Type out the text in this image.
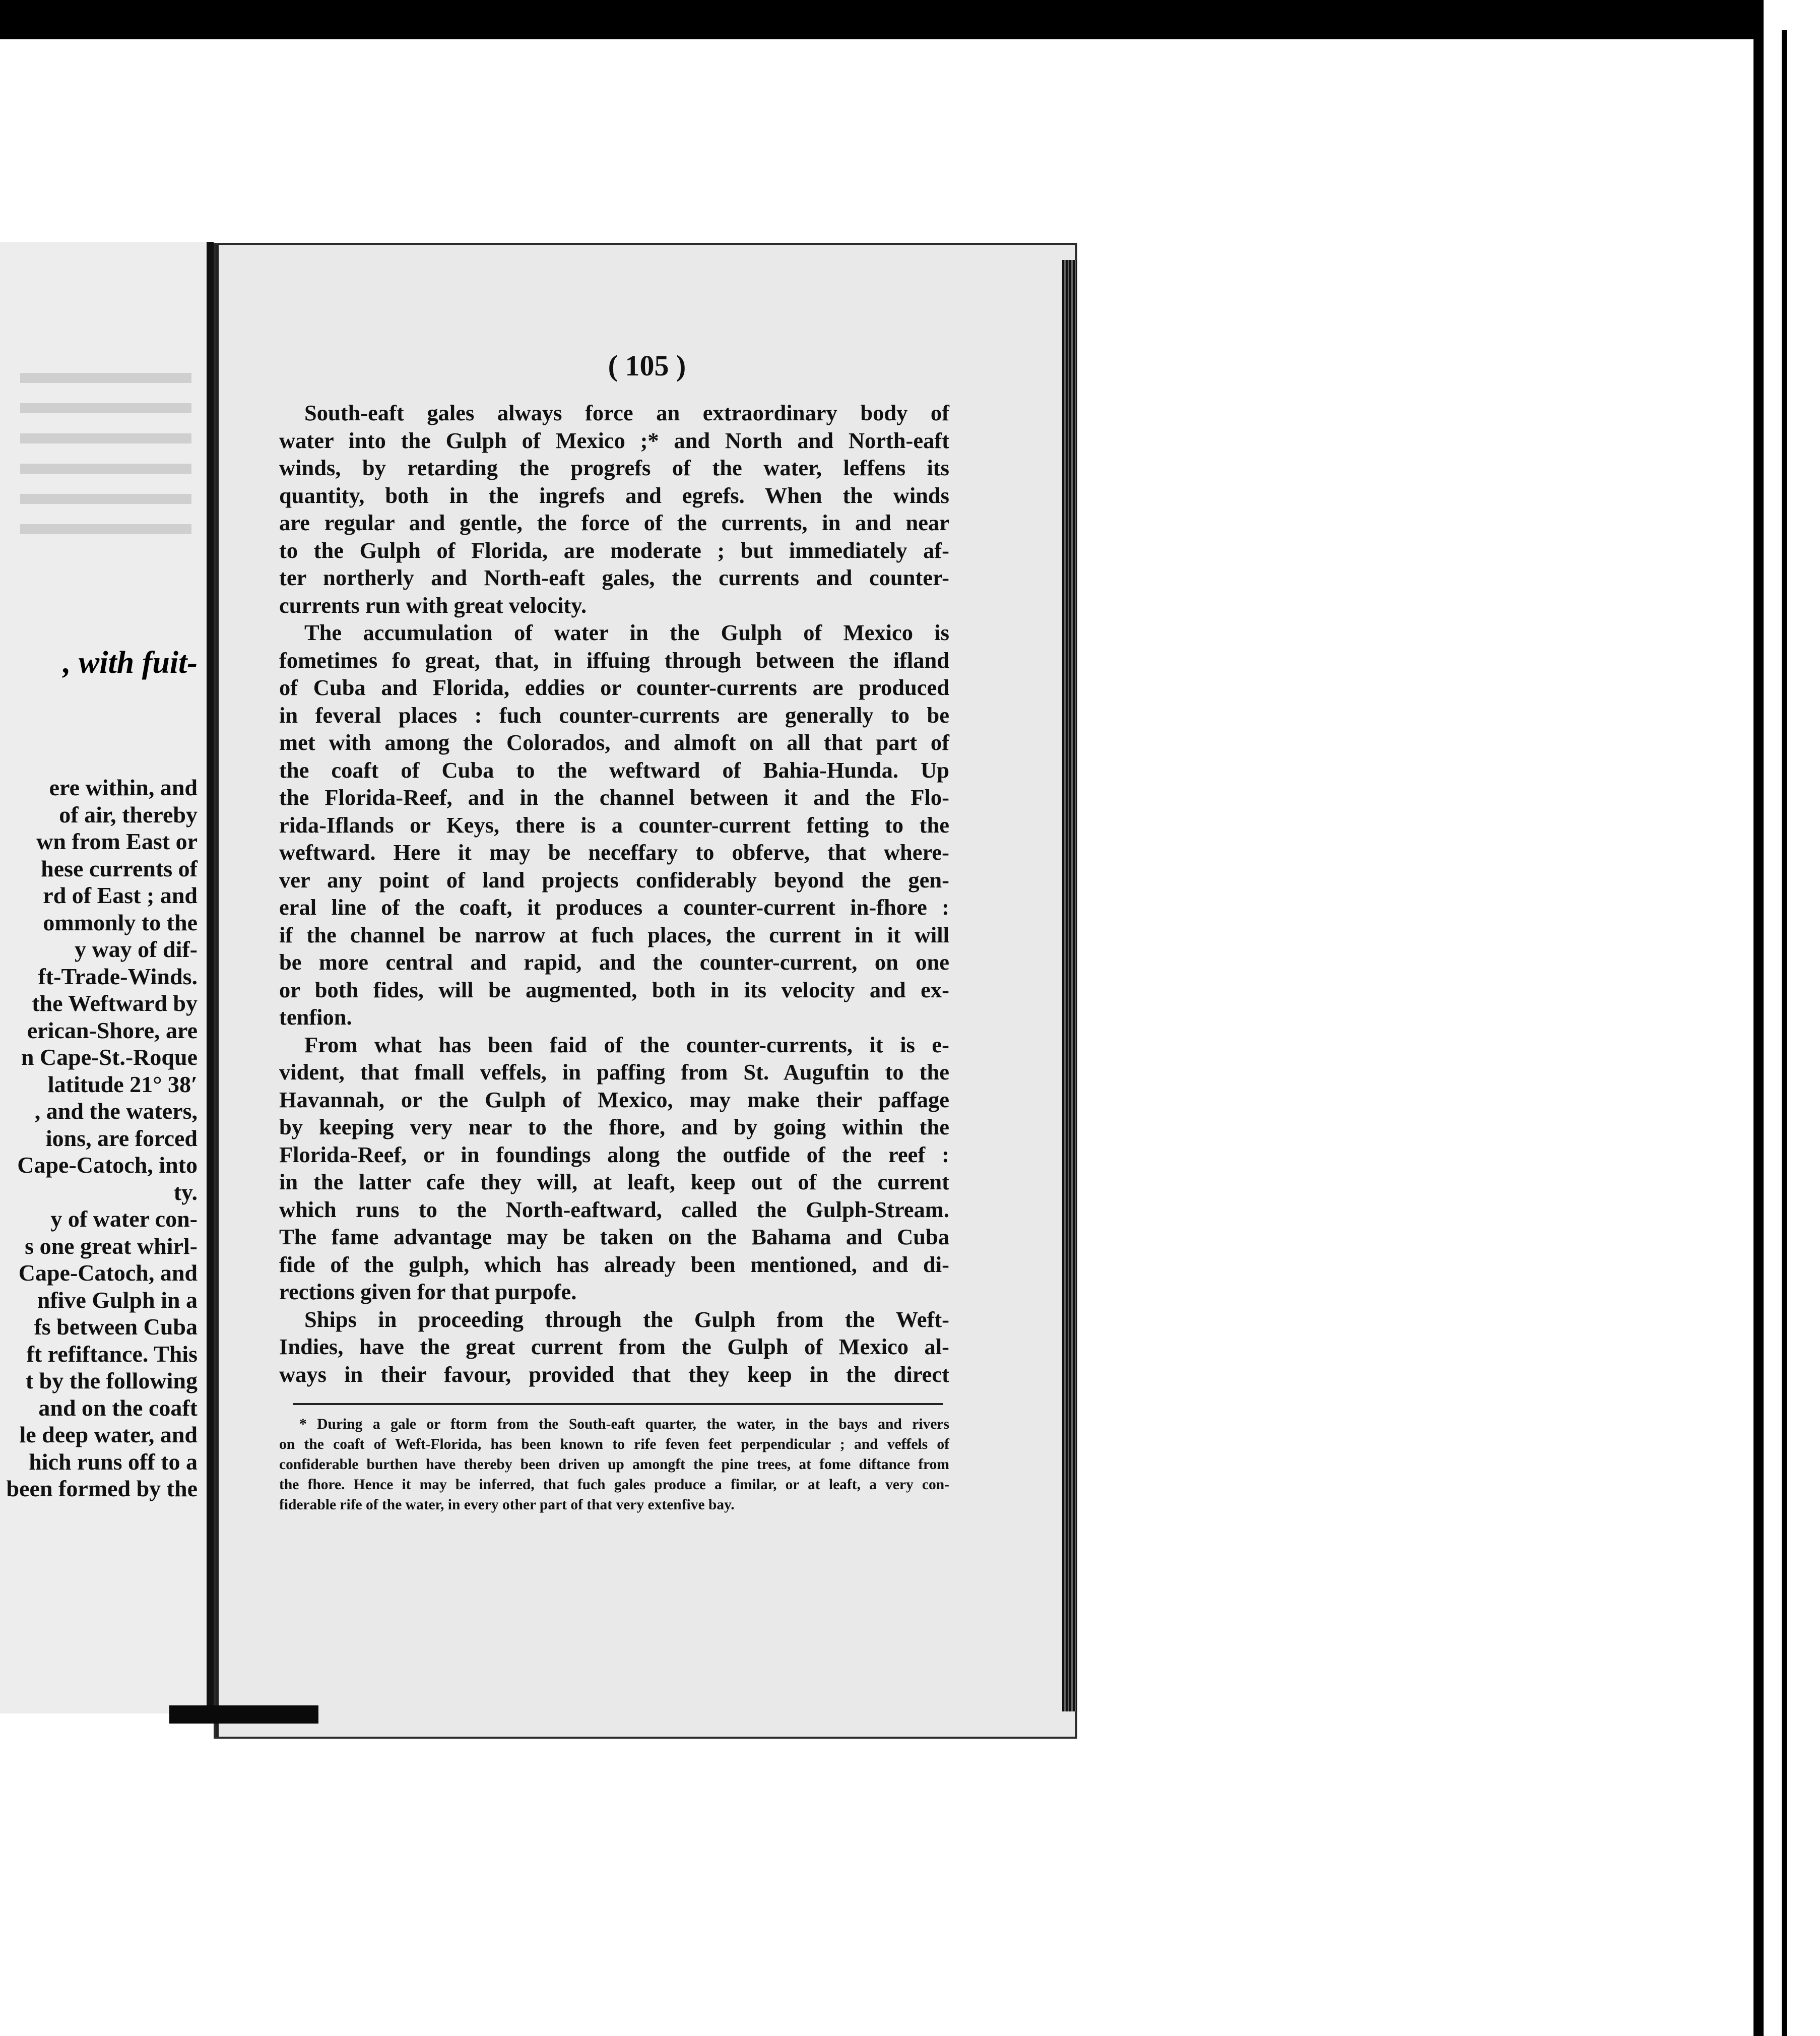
, with fuit-
ere within, and
of air, thereby
wn from East or
hese currents of
rd of East ; and
ommonly to the
y way of dif-
ft-Trade-Winds.
the Weftward by
erican-Shore, are
n Cape-St.-Roque
latitude 21° 38′
, and the waters,
ions, are forced
Cape-Catoch, into
ty.
y of water con-
s one great whirl-
Cape-Catoch, and
nfive Gulph in a
fs between Cuba
ft refiftance. This
t by the following
and on the coaft
le deep water, and
hich runs off to a
been formed by the
( 105 )
South-eaft gales always force an extraordinary body of
water into the Gulph of Mexico ;* and North and North-eaft
winds, by retarding the progrefs of the water, leffens its
quantity, both in the ingrefs and egrefs. When the winds
are regular and gentle, the force of the currents, in and near
to the Gulph of Florida, are moderate ; but immediately af-
ter northerly and North-eaft gales, the currents and counter-
currents run with great velocity.
The accumulation of water in the Gulph of Mexico is
fometimes fo great, that, in iffuing through between the ifland
of Cuba and Florida, eddies or counter-currents are produced
in feveral places : fuch counter-currents are generally to be
met with among the Colorados, and almoft on all that part of
the coaft of Cuba to the weftward of Bahia-Hunda. Up
the Florida-Reef, and in the channel between it and the Flo-
rida-Iflands or Keys, there is a counter-current fetting to the
weftward. Here it may be neceffary to obferve, that where-
ver any point of land projects confiderably beyond the gen-
eral line of the coaft, it produces a counter-current in-fhore :
if the channel be narrow at fuch places, the current in it will
be more central and rapid, and the counter-current, on one
or both fides, will be augmented, both in its velocity and ex-
tenfion.
From what has been faid of the counter-currents, it is e-
vident, that fmall veffels, in paffing from St. Auguftin to the
Havannah, or the Gulph of Mexico, may make their paffage
by keeping very near to the fhore, and by going within the
Florida-Reef, or in foundings along the outfide of the reef :
in the latter cafe they will, at leaft, keep out of the current
which runs to the North-eaftward, called the Gulph-Stream.
The fame advantage may be taken on the Bahama and Cuba
fide of the gulph, which has already been mentioned, and di-
rections given for that purpofe.
Ships in proceeding through the Gulph from the Weft-
Indies, have the great current from the Gulph of Mexico al-
ways in their favour, provided that they keep in the direct
* During a gale or ftorm from the South-eaft quarter, the water, in the bays and rivers
on the coaft of Weft-Florida, has been known to rife feven feet perpendicular ; and veffels of
confiderable burthen have thereby been driven up amongft the pine trees, at fome diftance from
the fhore. Hence it may be inferred, that fuch gales produce a fimilar, or at leaft, a very con-
fiderable rife of the water, in every other part of that very extenfive bay.
